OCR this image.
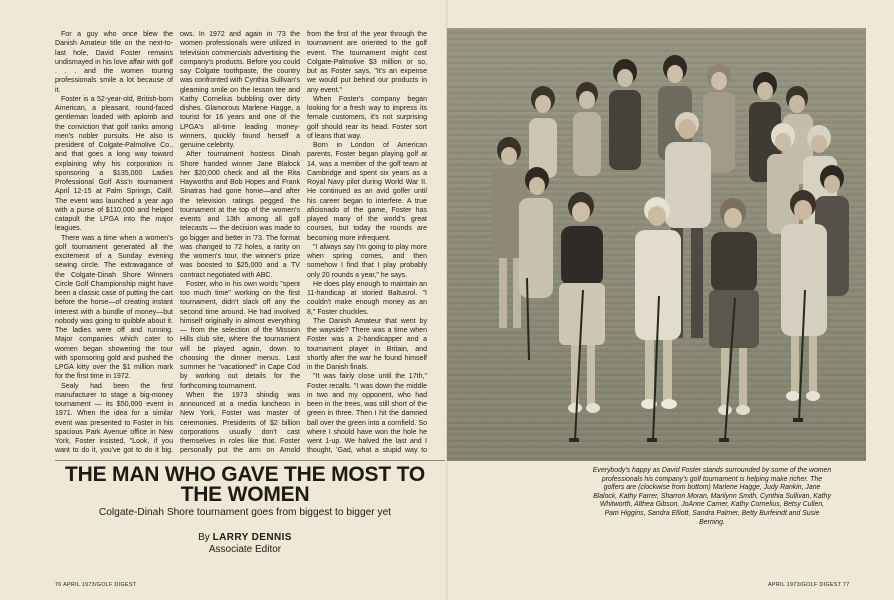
For a guy who once blew the Danish Amateur title on the next-to-last hole, David Foster remains undismayed in his love affair with golf . . . and the women touring professionals smile a lot because of it.

Foster is a 52-year-old, British-born American, a pleasant, round-faced gentleman loaded with aplomb and the conviction that golf ranks among men's nobler pursuits. He also is president of Colgate-Palmolive Co., and that goes a long way toward explaining why his corporation is sponsoring a $135,000 Ladies Professional Golf Ass'n tournament April 12-15 at Palm Springs, Calif. The event was launched a year ago with a purse of $110,000 and helped catapult the LPGA into the major leagues.

There was a time when a women's golf tournament generated all the excitement of a Sunday evening sewing circle. The extravagance of the Colgate-Dinah Shore Winners Circle Golf Championship might have been a classic case of putting the cart before the horse—of creating instant interest with a bundle of money—but nobody was going to quibble about it. The ladies were off and running. Major companies which cater to women began showering the tour with sponsoring gold and pushed the LPGA kitty over the $1 million mark for the first time in 1972.

Sealy had been the first manufacturer to stage a big-money tournament — its $50,000 event in 1971. When the idea for a similar event was presented to Foster in his spacious Park Avenue office in New York, Foster insisted, "Look, if you want to do it, you've got to do it big.

ows. In 1972 and again in '73 the women professionals were utilized in television commercials advertising the company's products. Before you could say Colgate toothpaste, the country was confronted with Cynthia Sullivan's gleaming smile on the lesson tee and Kathy Cornelius bubbling over dirty dishes. Glamorous Marlene Hagge, a tourist for 16 years and one of the LPGA's all-time leading money-winners, quickly found herself a genuine celebrity.

After tournament hostess Dinah Shore handed winner Jane Blalock her $20,000 check and all the Rita Hayworths and Bob Hopes and Frank Sinatras had gone home—and after the television ratings pegged the tournament at the top of the women's events and 13th among all golf telecasts — the decision was made to go bigger and better in '73. The format was changed to 72 holes, a rarity on the women's tour, the winner's prize was boosted to $25,000 and a TV contract negotiated with ABC.

Foster, who in his own words "spent too much time" working on the first tournament, didn't slack off any the second time around. He had involved himself originally in almost everything — from the selection of the Mission Hills club site, where the tournament will be played again, down to choosing the dinner menus. Last summer he "vacationed" in Cape Cod by working out details for the forthcoming tournament.

When the 1973 shindig was announced at a media luncheon in New York, Foster was master of ceremonies. Presidents of $2 billion corporations usually don't cast themselves in roles like that. Foster personally put the arm on Arnold

from the first of the year through the tournament are oriented to the golf event. The tournament might cost Colgate-Palmolive $3 million or so, but as Foster says, "It's an expense we would put behind our products in any event."

When Foster's company began looking for a fresh way to impress its female customers, it's not surprising golf should rear its head. Foster sort of leans that way.

Born in London of American parents, Foster began playing golf at 14, was a member of the golf team at Cambridge and spent six years as a Royal Navy pilot during World War II. He continued as an avid golfer until his career began to interfere. A true aficionado of the game, Foster has played many of the world's great courses, but today the rounds are becoming more infrequent.

"I always say I'm going to play more when spring comes, and then somehow I find that I play probably only 20 rounds a year," he says.

He does play enough to maintain an 11-handicap at storied Baltusrol. "I couldn't make enough money as an 8," Foster chuckles.

The Danish Amateur that went by the wayside? There was a time when Foster was a 2-handicapper and a tournament player in Britain, and shortly after the war he found himself in the Danish finals.

"It was fairly close until the 17th," Foster recalls. "I was down the middle in two and my opponent, who had been in the trees, was still short of the green in three. Then I hit the damned ball over the green into a cornfield. So where I should have won the hole he went 1-up. We halved the last and I thought, 'Gad, what a stupid way to

THE MAN WHO GAVE THE MOST TO THE WOMEN
Colgate-Dinah Shore tournament goes from biggest to bigger yet
By LARRY DENNIS
Associate Editor
Everybody's happy as David Foster stands surrounded by some of the women professionals his company's golf tournament is helping make richer. The golfers are (clockwise from bottom) Marlene Hagge, Judy Rankin, Jane Blalock, Kathy Farrer, Sharron Moran, Marilynn Smith, Cynthia Sullivan, Kathy Whitworth, Althea Gibson, JoAnne Carner, Kathy Cornelius, Betsy Cullen, Pam Higgins, Sandra Elliott, Sandra Palmer, Betty Burfeindt and Susie Berning.
76 APRIL 1973/GOLF DIGEST	APRIL 1973/GOLF DIGEST 77
